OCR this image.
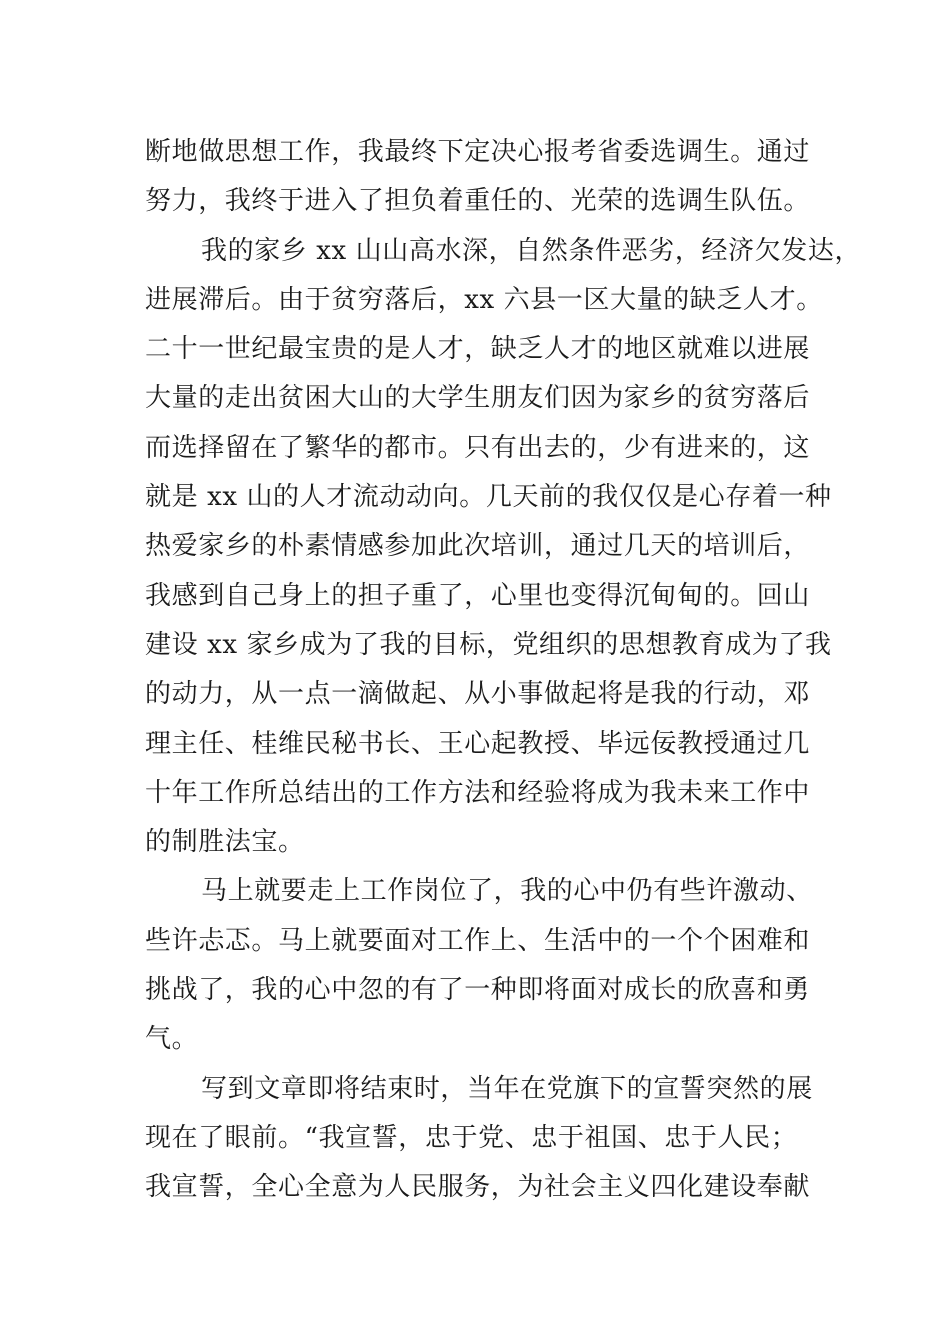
断地做思想工作，我最终下定决心报考省委选调生。通过
努力，我终于进入了担负着重任的、光荣的选调生队伍。
我的家乡 xx 山山高水深，自然条件恶劣，经济欠发达，
进展滞后。由于贫穷落后，xx 六县一区大量的缺乏人才。
二十一世纪最宝贵的是人才，缺乏人才的地区就难以进展
大量的走出贫困大山的大学生朋友们因为家乡的贫穷落后
而选择留在了繁华的都市。只有出去的，少有进来的，这
就是 xx 山的人才流动动向。几天前的我仅仅是心存着一种
热爱家乡的朴素情感参加此次培训，通过几天的培训后，
我感到自己身上的担子重了，心里也变得沉甸甸的。回山
建设 xx 家乡成为了我的目标，党组织的思想教育成为了我
的动力，从一点一滴做起、从小事做起将是我的行动，邓
理主任、桂维民秘书长、王心起教授、毕远佞教授通过几
十年工作所总结出的工作方法和经验将成为我未来工作中
的制胜法宝。
马上就要走上工作岗位了，我的心中仍有些许激动、
些许忐忑。马上就要面对工作上、生活中的一个个困难和
挑战了，我的心中忽的有了一种即将面对成长的欣喜和勇
气。
写到文章即将结束时，当年在党旗下的宣誓突然的展
现在了眼前。“我宣誓，忠于党、忠于祖国、忠于人民；
我宣誓，全心全意为人民服务，为社会主义四化建设奉献
